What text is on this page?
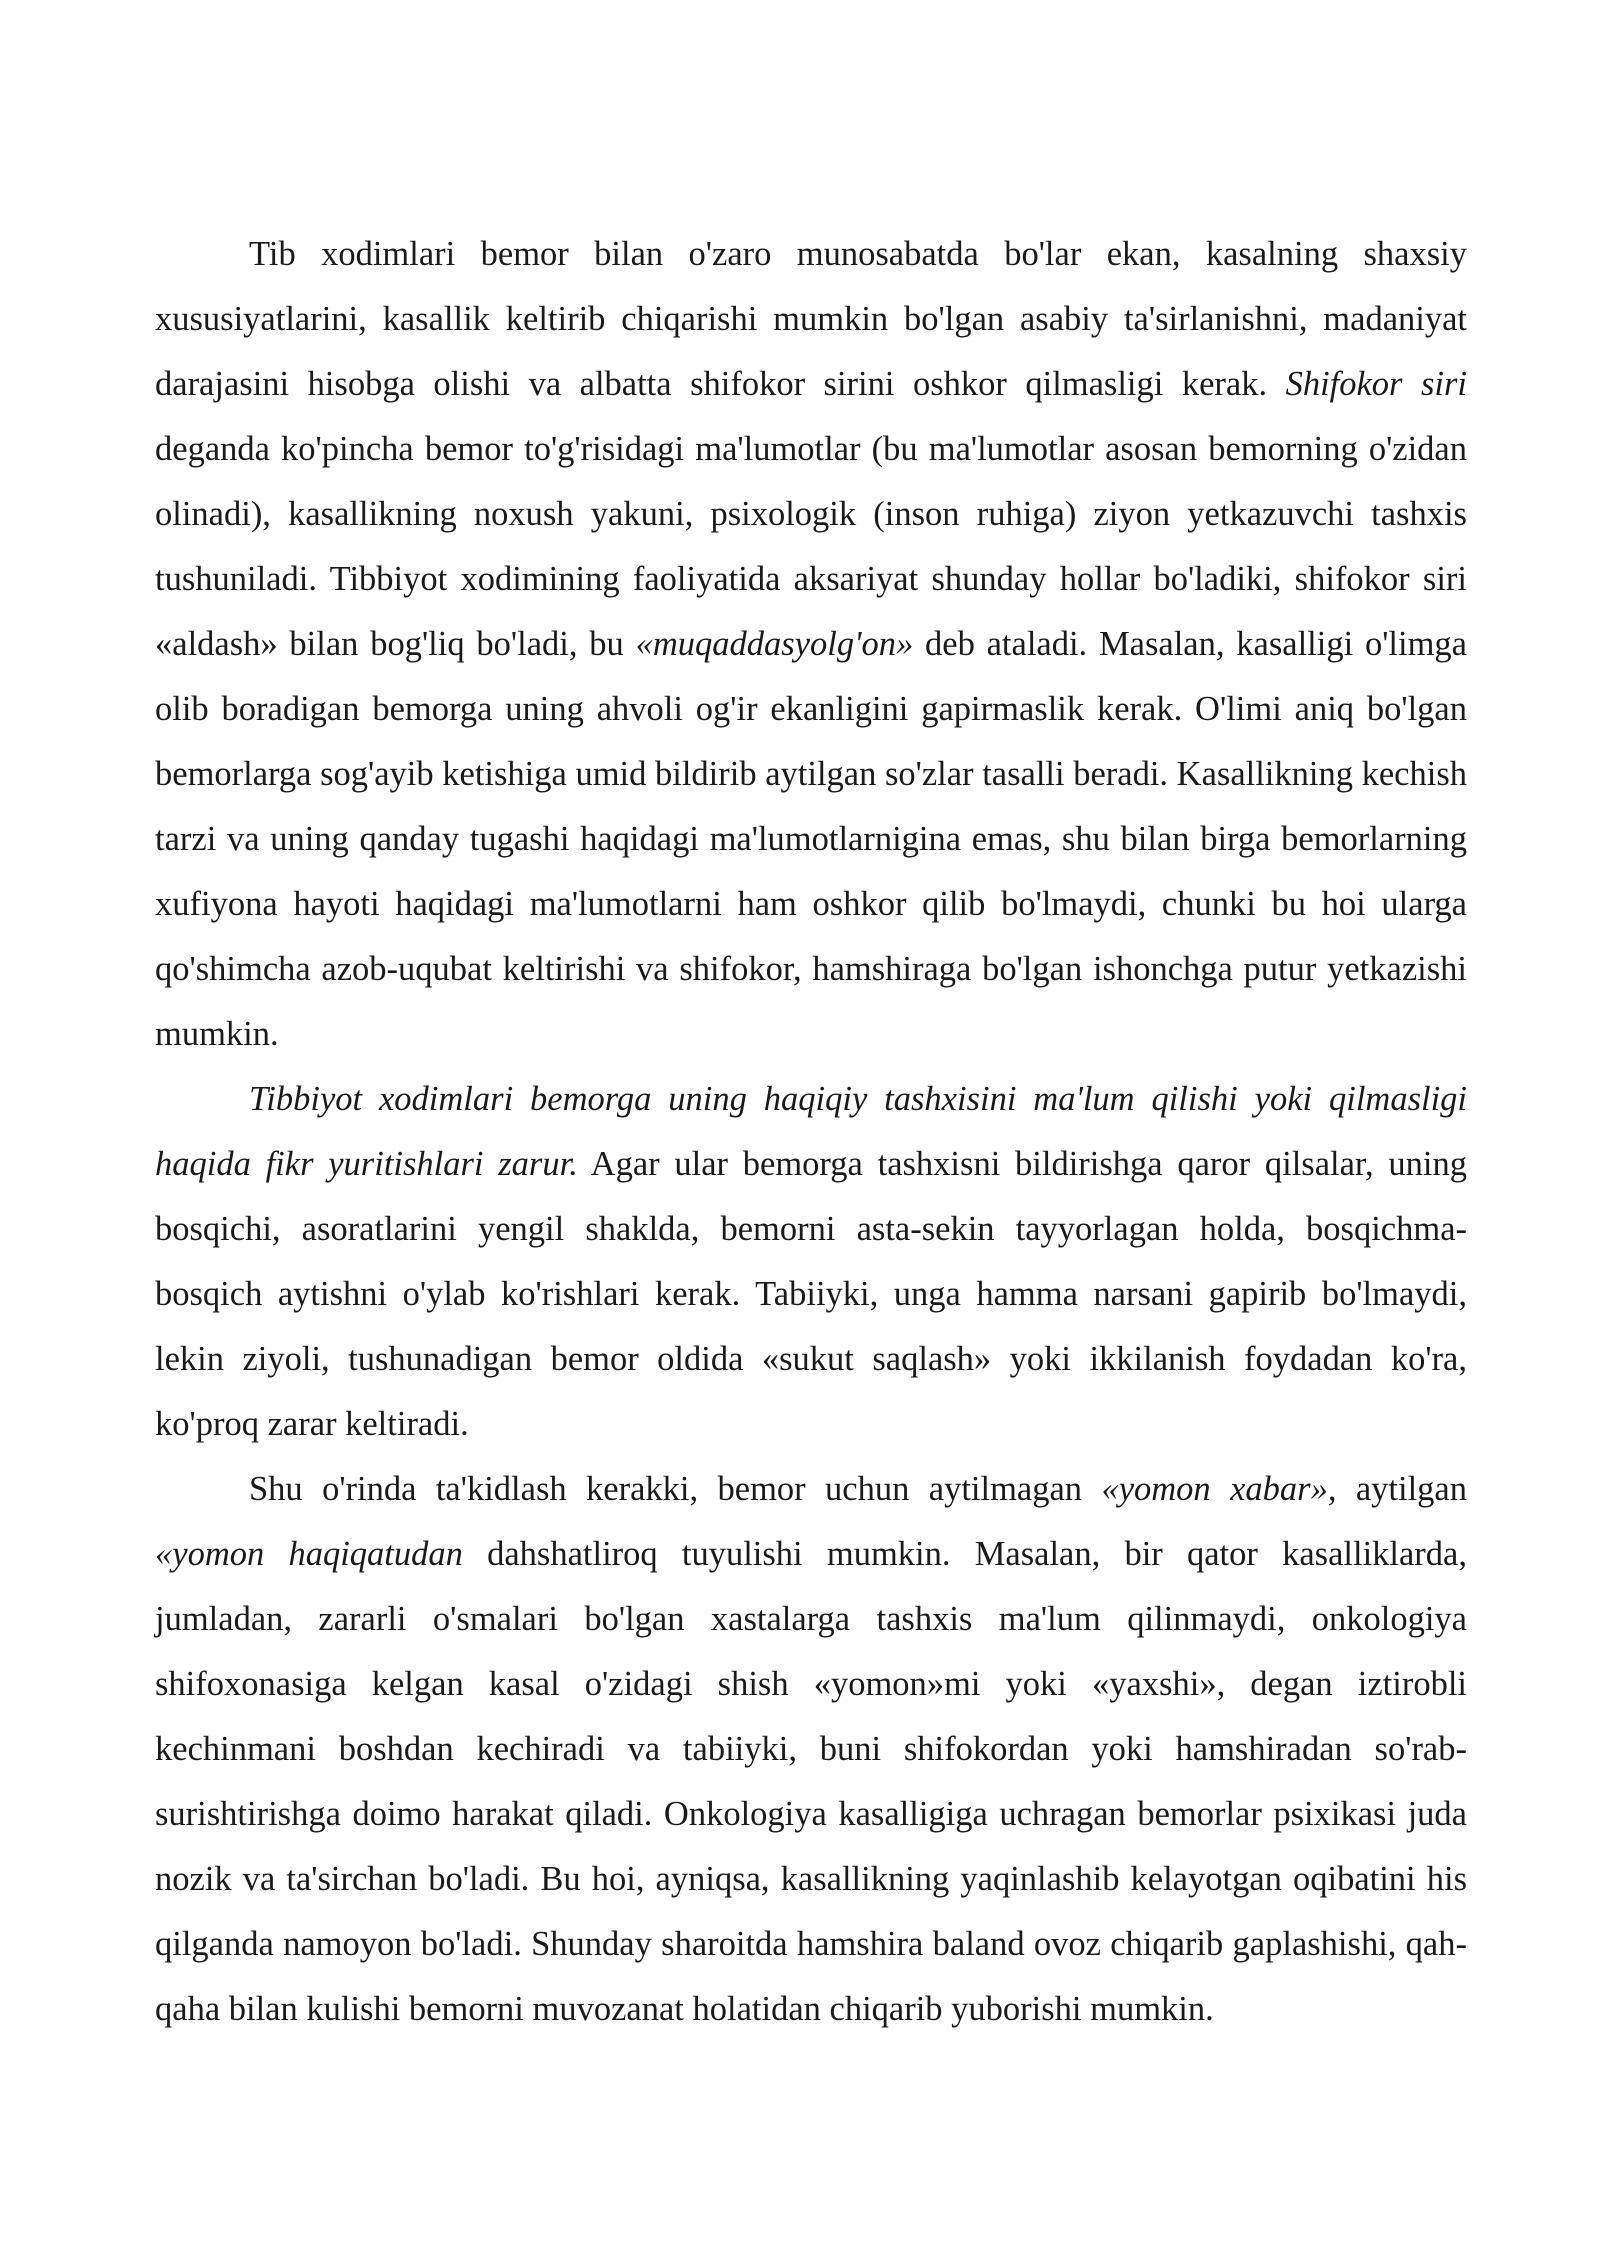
Tib xodimlari bemor bilan o'zaro munosabatda bo'lar ekan, kasalning shaxsiy xususiyatlarini, kasallik keltirib chiqarishi mumkin bo'lgan asabiy ta'sirlanishni, madaniyat darajasini hisobga olishi va albatta shifokor sirini oshkor qilmasligi kerak. Shifokor siri deganda ko'pincha bemor to'g'risidagi ma'lumotlar (bu ma'lumotlar asosan bemorning o'zidan olinadi), kasallikning noxush yakuni, psixologik (inson ruhiga) ziyon yetkazuvchi tashxis tushuniladi. Tibbiyot xodimining faoliyatida aksariyat shunday hollar bo'ladiki, shifokor siri «aldash» bilan bog'liq bo'ladi, bu «muqaddasyolg'on» deb ataladi. Masalan, kasalligi o'limga olib boradigan bemorga uning ahvoli og'ir ekanligini gapirmaslik kerak. O'limi aniq bo'lgan bemorlarga sog'ayib ketishiga umid bildirib aytilgan so'zlar tasalli beradi. Kasallikning kechish tarzi va uning qanday tugashi haqidagi ma'lumotlarnigina emas, shu bilan birga bemorlarning xufiyona hayoti haqidagi ma'lumotlarni ham oshkor qilib bo'lmaydi, chunki bu hoi ularga qo'shimcha azob-uqubat keltirishi va shifokor, hamshiraga bo'lgan ishonchga putur yetkazishi mumkin.

Tibbiyot xodimlari bemorga uning haqiqiy tashxisini ma'lum qilishi yoki qilmasligi haqida fikr yuritishlari zarur. Agar ular bemorga tashxisni bildirishga qaror qilsalar, uning bosqichi, asoratlarini yengil shaklda, bemorni asta-sekin tayyorlagan holda, bosqichma-bosqich aytishni o'ylab ko'rishlari kerak. Tabiiyki, unga hamma narsani gapirib bo'lmaydi, lekin ziyoli, tushunadigan bemor oldida «sukut saqlash» yoki ikkilanish foydadan ko'ra, ko'proq zarar keltiradi.

Shu o'rinda ta'kidlash kerakki, bemor uchun aytilmagan «yomon xabar», aytilgan «yomon haqiqatudan dahshatliroq tuyulishi mumkin. Masalan, bir qator kasalliklarda, jumladan, zararli o'smalari bo'lgan xastalarga tashxis ma'lum qilinmaydi, onkologiya shifoxonasiga kelgan kasal o'zidagi shish «yomon»mi yoki «yaxshi», degan iztirobli kechinmani boshdan kechiradi va tabiiyki, buni shifokordan yoki hamshiradan so'rab-surishtirishga doimo harakat qiladi. Onkologiya kasalligiga uchragan bemorlar psixikasi juda nozik va ta'sirchan bo'ladi. Bu hoi, ayniqsa, kasallikning yaqinlashib kelayotgan oqibatini his qilganda namoyon bo'ladi. Shunday sharoitda hamshira baland ovoz chiqarib gaplashishi, qah-qaha bilan kulishi bemorni muvozanat holatidan chiqarib yuborishi mumkin.
